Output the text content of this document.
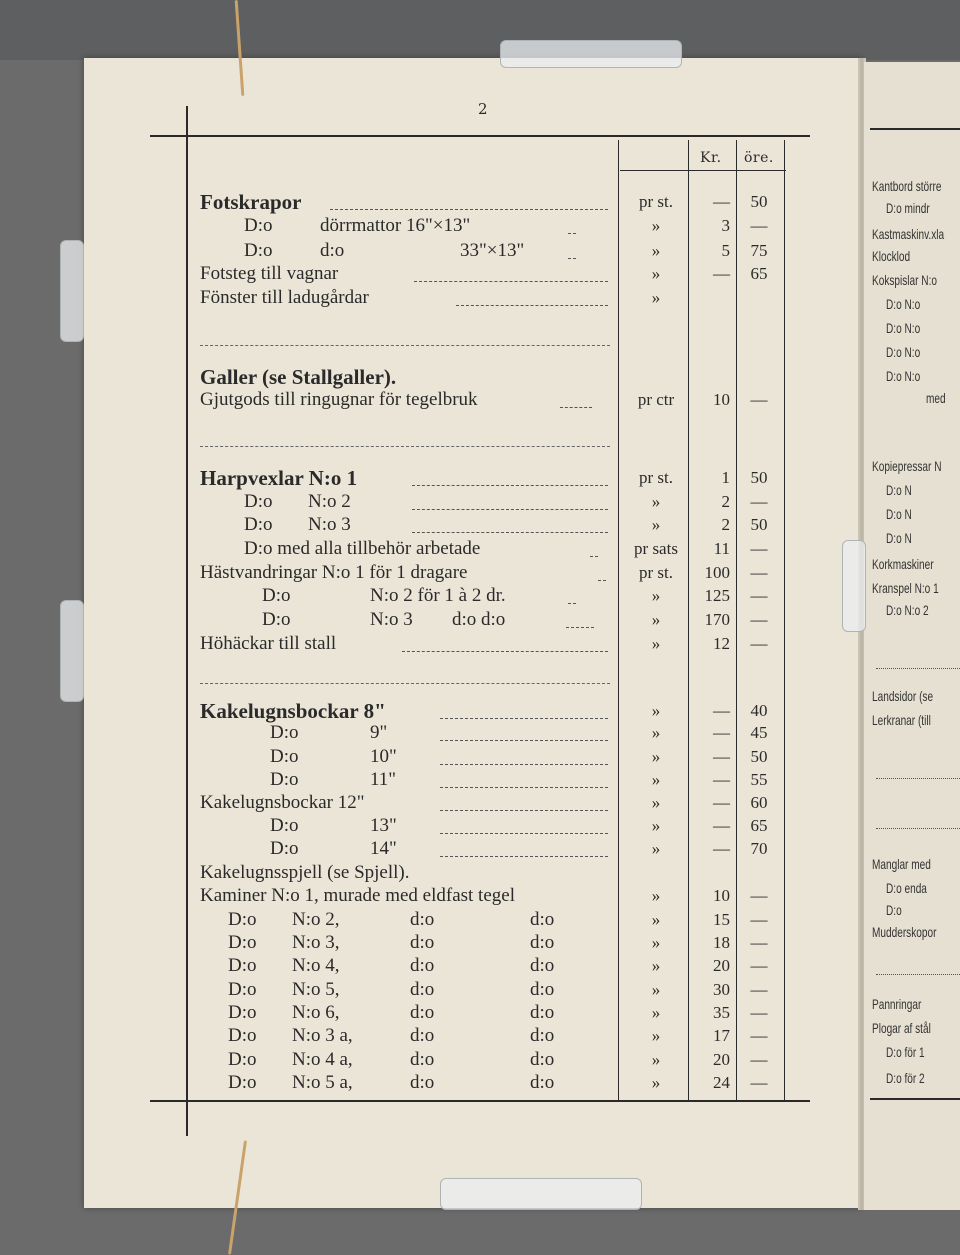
2
Kr. öre.
Fotskrapor	pr st.	—	50
D:o	dörrmattor 16"×13"	»	3	—
D:o	d:o	33"×13"	»	5	75
Fotsteg till vagnar	»	—	65
Fönster till ladugårdar	»
Galler (se Stallgaller).
Gjutgods till ringugnar för tegelbruk	pr ctr	10	—
Harpvexlar N:o 1	pr st.	1	50
D:o N:o 2	»	2	—
D:o N:o 3	»	2	50
D:o med alla tillbehör arbetade	pr sats	11	—
Hästvandringar N:o 1 för 1 dragare	pr st.	100	—
D:o	N:o 2 för 1 à 2 dr.	»	125	—
D:o	N:o 3 d:o d:o	»	170	—
Höhäckar till stall	»	12	—
Kakelugnsbockar 8"	»	—	40
D:o	9"	»	—	45
D:o	10"	»	—	50
D:o	11"	»	—	55
Kakelugnsbockar 12"	»	—	60
D:o	13"	»	—	65
D:o	14"	»	—	70
Kakelugnsspjell (se Spjell).
Kaminer N:o 1, murade med eldfast tegel	»	10	—
D:o N:o 2,	d:o	d:o	»	15	—
D:o N:o 3,	d:o	d:o	»	18	—
D:o N:o 4,	d:o	d:o	»	20	—
D:o N:o 5,	d:o	d:o	»	30	—
D:o N:o 6,	d:o	d:o	»	35	—
D:o N:o 3 a,	d:o	d:o	»	17	—
D:o N:o 4 a,	d:o	d:o	»	20	—
D:o N:o 5 a,	d:o	d:o	»	24	—
Kantbord större
D:o mindr
Kastmaskinv.xla
Klocklod
Kokspislar N:o
D:o N:o
D:o N:o
D:o N:o
D:o N:o
med
Kopiepressar N
D:o N
D:o N
D:o N
Korkmaskiner
Kranspel N:o 1
D:o N:o 2
Landsidor (se
Lerkranar (till
Manglar med
D:o enda
D:o
Mudderskopor
Pannringar
Plogar af stål
D:o för 1
D:o för 2
